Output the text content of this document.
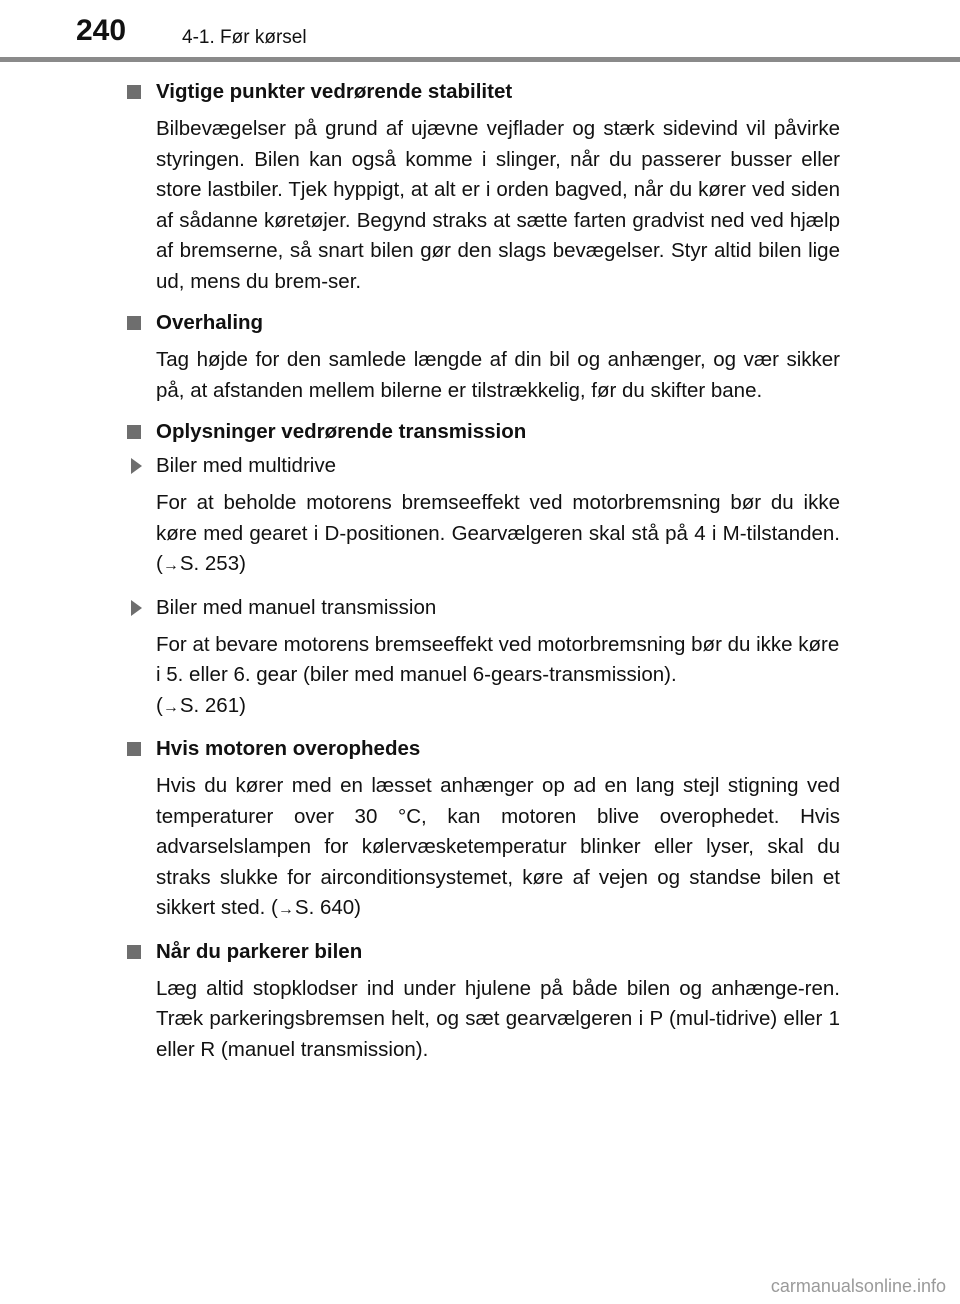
240	4-1. Før kørsel
Vigtige punkter vedrørende stabilitet
Bilbevægelser på grund af ujævne vejflader og stærk sidevind vil påvirke styringen. Bilen kan også komme i slinger, når du passerer busser eller store lastbiler. Tjek hyppigt, at alt er i orden bagved, når du kører ved siden af sådanne køretøjer. Begynd straks at sætte farten gradvist ned ved hjælp af bremserne, så snart bilen gør den slags bevægelser. Styr altid bilen lige ud, mens du brem-ser.
Overhaling
Tag højde for den samlede længde af din bil og anhænger, og vær sikker på, at afstanden mellem bilerne er tilstrækkelig, før du skifter bane.
Oplysninger vedrørende transmission
Biler med multidrive
For at beholde motorens bremseeffekt ved motorbremsning bør du ikke køre med gearet i D-positionen. Gearvælgeren skal stå på 4 i M-tilstanden. (→S. 253)
Biler med manuel transmission
For at bevare motorens bremseeffekt ved motorbremsning bør du ikke køre i 5. eller 6. gear (biler med manuel 6-gears-transmission).
(→S. 261)
Hvis motoren overophedes
Hvis du kører med en læsset anhænger op ad en lang stejl stigning ved temperaturer over 30 °C, kan motoren blive overophedet. Hvis advarselslampen for kølervæsketemperatur blinker eller lyser, skal du straks slukke for airconditionsystemet, køre af vejen og standse bilen et sikkert sted. (→S. 640)
Når du parkerer bilen
Læg altid stopklodser ind under hjulene på både bilen og anhænge-ren. Træk parkeringsbremsen helt, og sæt gearvælgeren i P (mul-tidrive) eller 1 eller R (manuel transmission).
carmanualsonline.info
